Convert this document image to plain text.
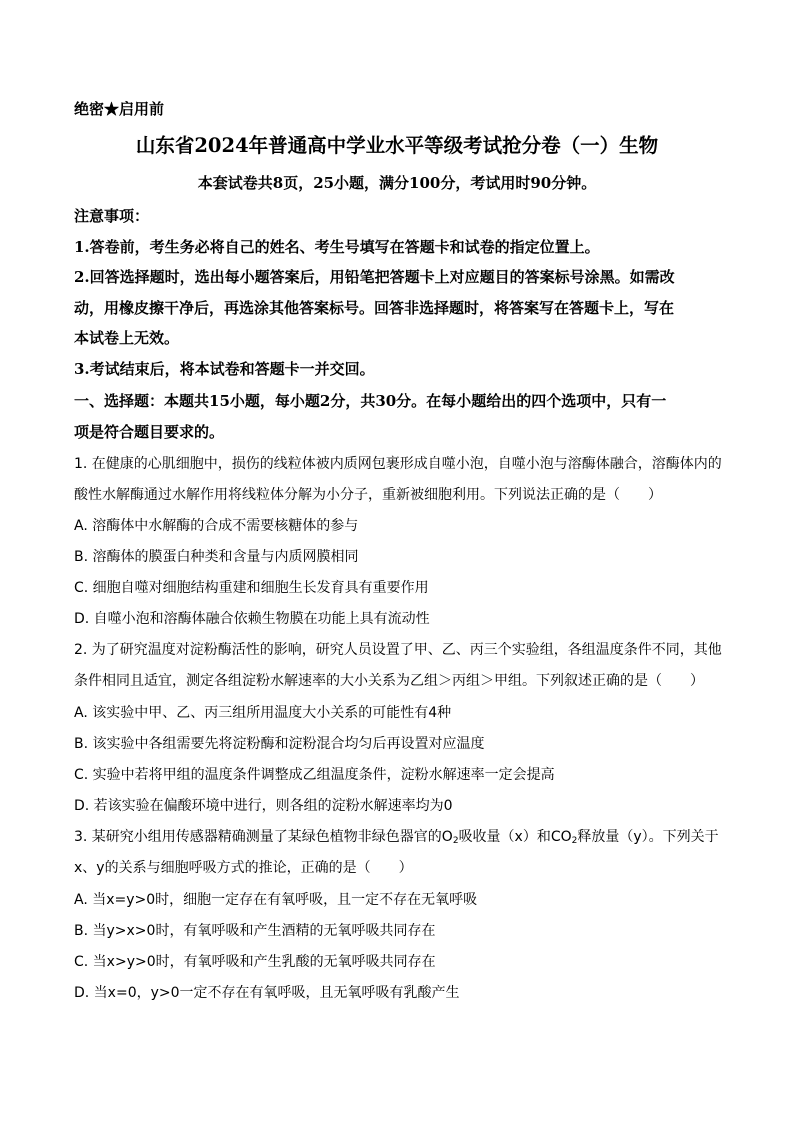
绝密★启用前
山东省2024年普通高中学业水平等级考试抢分卷（一）生物
本套试卷共8页，25小题，满分100分，考试用时90分钟。
注意事项：
1.答卷前，考生务必将自己的姓名、考生号填写在答题卡和试卷的指定位置上。
2.回答选择题时，选出每小题答案后，用铅笔把答题卡上对应题目的答案标号涂黑。如需改
动，用橡皮擦干净后，再选涂其他答案标号。回答非选择题时，将答案写在答题卡上，写在
本试卷上无效。
3.考试结束后，将本试卷和答题卡一并交回。
一、选择题：本题共15小题，每小题2分，共30分。在每小题给出的四个选项中，只有一
项是符合题目要求的。
1. 在健康的心肌细胞中，损伤的线粒体被内质网包裹形成自噬小泡，自噬小泡与溶酶体融合，溶酶体内的
酸性水解酶通过水解作用将线粒体分解为小分子，重新被细胞利用。下列说法正确的是（　　）
A. 溶酶体中水解酶的合成不需要核糖体的参与
B. 溶酶体的膜蛋白种类和含量与内质网膜相同
C. 细胞自噬对细胞结构重建和细胞生长发育具有重要作用
D. 自噬小泡和溶酶体融合依赖生物膜在功能上具有流动性
2. 为了研究温度对淀粉酶活性的影响，研究人员设置了甲、乙、丙三个实验组，各组温度条件不同，其他
条件相同且适宜，测定各组淀粉水解速率的大小关系为乙组＞丙组＞甲组。下列叙述正确的是（　　）
A. 该实验中甲、乙、丙三组所用温度大小关系的可能性有4种
B. 该实验中各组需要先将淀粉酶和淀粉混合均匀后再设置对应温度
C. 实验中若将甲组的温度条件调整成乙组温度条件，淀粉水解速率一定会提高
D. 若该实验在偏酸环境中进行，则各组的淀粉水解速率均为0
3. 某研究小组用传感器精确测量了某绿色植物非绿色器官的$O_2$吸收量（x）和$CO_2$释放量（y）。下列关于
x、y的关系与细胞呼吸方式的推论，正确的是（　　）
A. 当x=y>0时，细胞一定存在有氧呼吸，且一定不存在无氧呼吸
B. 当y>x>0时，有氧呼吸和产生酒精的无氧呼吸共同存在
C. 当x>y>0时，有氧呼吸和产生乳酸的无氧呼吸共同存在
D. 当x=0，y>0一定不存在有氧呼吸，且无氧呼吸有乳酸产生
